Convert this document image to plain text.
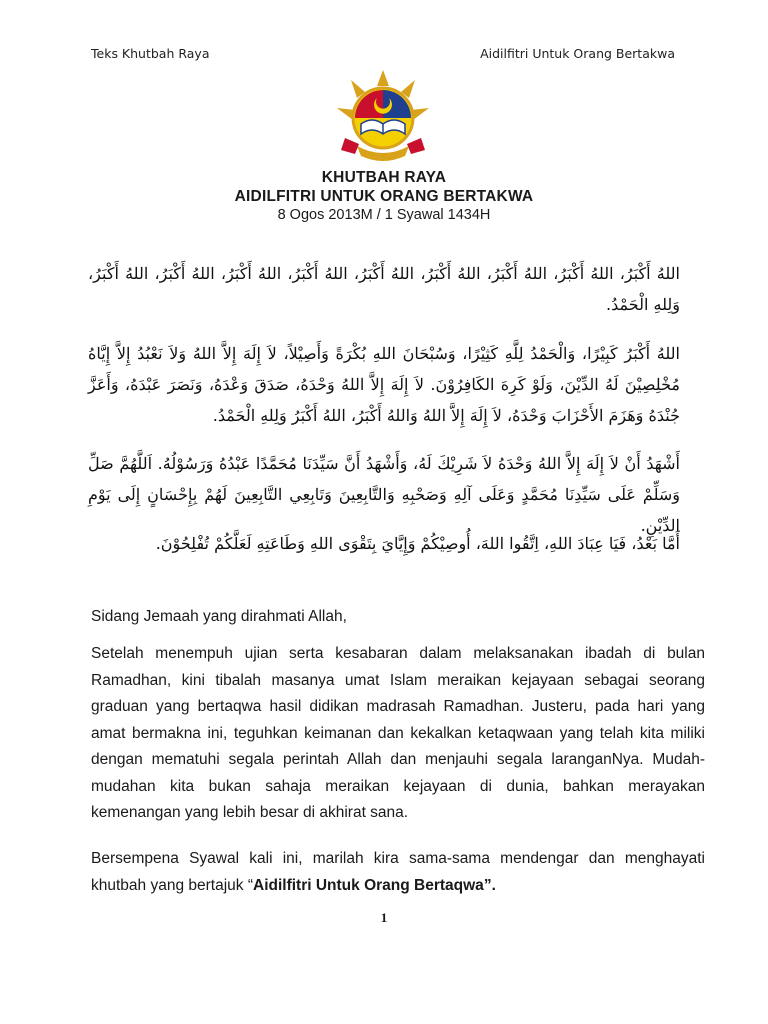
Teks Khutbah Raya	Aidilfitri Untuk Orang Bertakwa
KHUTBAH RAYA
AIDILFITRI UNTUK ORANG BERTAKWA
8 Ogos 2013M / 1 Syawal 1434H

اللهُ أَكْبَرُ، اللهُ أَكْبَرُ، اللهُ أَكْبَرُ، اللهُ أَكْبَرُ، اللهُ أَكْبَرُ، اللهُ أَكْبَرُ، اللهُ أَكْبَرُ، اللهُ أَكْبَرُ، اللهُ أَكْبَرُ، وَلِلهِ الْحَمْدُ.

اللهُ أَكْبَرُ كَبِيْرًا، وَالْحَمْدُ لِلَّهِ كَثِيْرًا، وَسُبْحَانَ اللهِ بُكْرَةً وَأَصِيْلاً، لاَ إِلَهَ إِلاَّ اللهُ وَلاَ نَعْبُدُ إِلاَّ إِيَّاهُ مُخْلِصِيْنَ لَهُ الدِّيْنَ، وَلَوْ كَرِهَ الكَافِرُوْنَ. لاَ إِلَهَ إِلاَّ اللهُ وَحْدَهُ، صَدَقَ وَعْدَهُ، وَنَصَرَ عَبْدَهُ، وَأَعَزَّ جُنْدَهُ وَهَزَمَ الأَحْزَابَ وَحْدَهُ، لاَ إِلَهَ إِلاَّ اللهُ وَاللهُ أَكْبَرُ، اللهُ أَكْبَرُ وَلِلهِ الْحَمْدُ.

أَشْهَدُ أَنْ لاَ إِلَهَ إِلاَّ اللهُ وَحْدَهُ لاَ شَرِيْكَ لَهُ، وَأَشْهَدُ أَنَّ سَيِّدَنَا مُحَمَّدًا عَبْدُهُ وَرَسُوْلُهُ. اَللَّهُمَّ صَلِّ وَسَلِّمْ عَلَى سَيِّدِنَا مُحَمَّدٍ وَعَلَى آلِهِ وَصَحْبِهِ وَالتَّابِعِينَ وَتَابِعِي التَّابِعِينَ لَهُمْ بِإِحْسَانٍ إِلَى يَوْمِ الدِّيْنِ.

أَمَّا بَعْدُ، فَيَا عِبَادَ اللهِ، اِتَّقُوا اللهَ، أُوصِيْكُمْ وَإِيَّايَ بِتَقْوَى اللهِ وَطَاعَتِهِ لَعَلَّكُمْ تُفْلِحُوْنَ.

Sidang Jemaah yang dirahmati Allah,
Setelah menempuh ujian serta kesabaran dalam melaksanakan ibadah di bulan Ramadhan, kini tibalah masanya umat Islam meraikan kejayaan sebagai seorang graduan yang bertaqwa hasil didikan madrasah Ramadhan. Justeru, pada hari yang amat bermakna ini, teguhkan keimanan dan kekalkan ketaqwaan yang telah kita miliki dengan mematuhi segala perintah Allah dan menjauhi segala laranganNya. Mudah-mudahan kita bukan sahaja meraikan kejayaan di dunia, bahkan merayakan kemenangan yang lebih besar di akhirat sana.
Bersempena Syawal kali ini, marilah kira sama-sama mendengar dan menghayati khutbah yang bertajuk “Aidilfitri Untuk Orang Bertaqwa”.
1
